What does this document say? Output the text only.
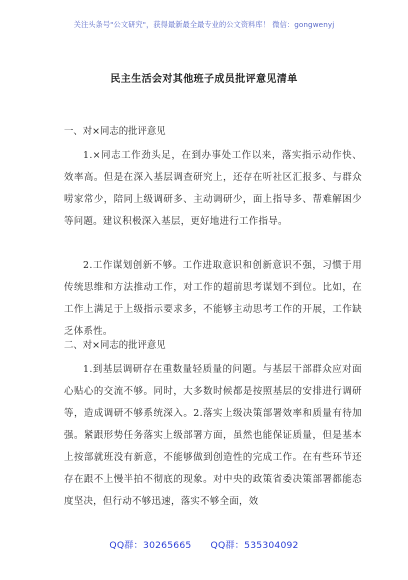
关注头条号"公文研究"，获得最新最全最专业的公文资料库！ 微信：gongwenyj
民主生活会对其他班子成员批评意见清单
一、对×同志的批评意见
1.×同志工作劲头足，在到办事处工作以来，落实指示动作快、效率高。但是在深入基层调查研究上，还存在听社区汇报多、与群众唠家常少，陪同上级调研多、主动调研少，面上指导多、帮难解困少等问题。建议积极深入基层，更好地进行工作指导。
2.工作谋划创新不够。工作进取意识和创新意识不强，习惯于用传统思维和方法推动工作，对工作的超前思考谋划不到位。比如，在工作上满足于上级指示要求多，不能够主动思考工作的开展，工作缺乏体系性。
二、对×同志的批评意见
1.到基层调研存在重数量轻质量的问题。与基层干部群众应对面心贴心的交流不够。同时，大多数时候都是按照基层的安排进行调研等，造成调研不够系统深入。2.落实上级决策部署效率和质量有待加强。紧跟形势任务落实上级部署方面，虽然也能保证质量，但是基本上按部就班没有新意，不能够做到创造性的完成工作。在有些环节还存在跟不上慢半拍不彻底的现象。对中央的政策省委决策部署都能态度坚决，但行动不够迅速，落实不够全面，效
QQ群：30265665 QQ群：535304092
